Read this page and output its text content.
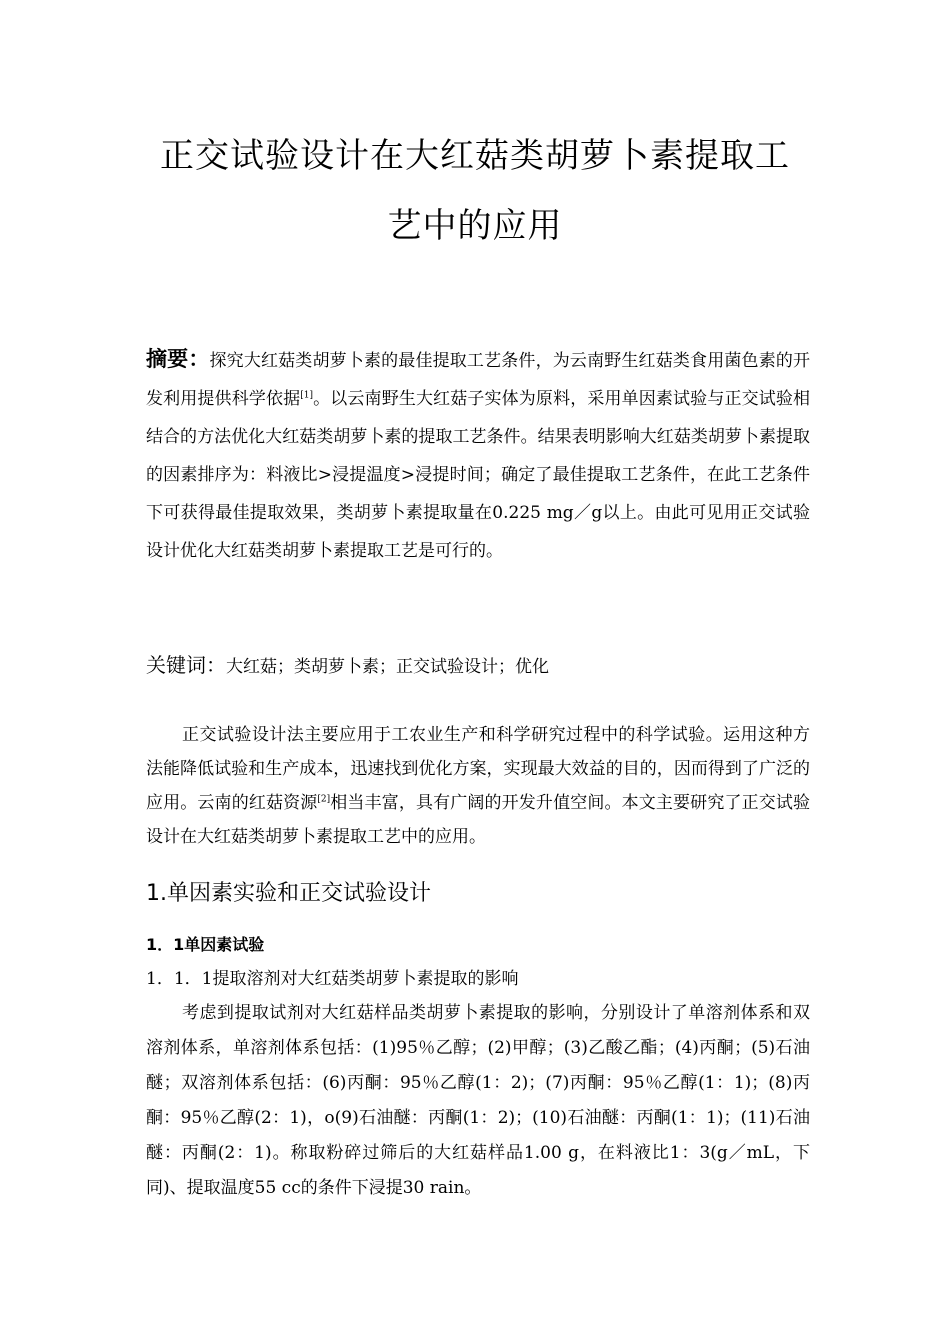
正交试验设计在大红菇类胡萝卜素提取工
艺中的应用
摘要：探究大红菇类胡萝卜素的最佳提取工艺条件，为云南野生红菇类食用菌色素的开发利用提供科学依据[1]。以云南野生大红菇子实体为原料，采用单因素试验与正交试验相结合的方法优化大红菇类胡萝卜素的提取工艺条件。结果表明影响大红菇类胡萝卜素提取的因素排序为：料液比>浸提温度>浸提时间；确定了最佳提取工艺条件，在此工艺条件下可获得最佳提取效果，类胡萝卜素提取量在0.225 mg／g以上。由此可见用正交试验设计优化大红菇类胡萝卜素提取工艺是可行的。
关键词：大红菇；类胡萝卜素；正交试验设计；优化
正交试验设计法主要应用于工农业生产和科学研究过程中的科学试验。运用这种方法能降低试验和生产成本，迅速找到优化方案，实现最大效益的目的，因而得到了广泛的应用。云南的红菇资源[2]相当丰富，具有广阔的开发升值空间。本文主要研究了正交试验设计在大红菇类胡萝卜素提取工艺中的应用。
1.单因素实验和正交试验设计
1．1单因素试验
1．1．1提取溶剂对大红菇类胡萝卜素提取的影响
考虑到提取试剂对大红菇样品类胡萝卜素提取的影响，分别设计了单溶剂体系和双溶剂体系，单溶剂体系包括：(1)95％乙醇；(2)甲醇；(3)乙酸乙酯；(4)丙酮；(5)石油醚；双溶剂体系包括：(6)丙酮：95％乙醇(1：2)；(7)丙酮：95％乙醇(1：1)；(8)丙酮：95％乙醇(2：1)，o(9)石油醚：丙酮(1：2)；(10)石油醚：丙酮(1：1)；(11)石油醚：丙酮(2：1)。称取粉碎过筛后的大红菇样品1.00 g，在料液比1：3(g／mL，下同)、提取温度55 cc的条件下浸提30 rain。
